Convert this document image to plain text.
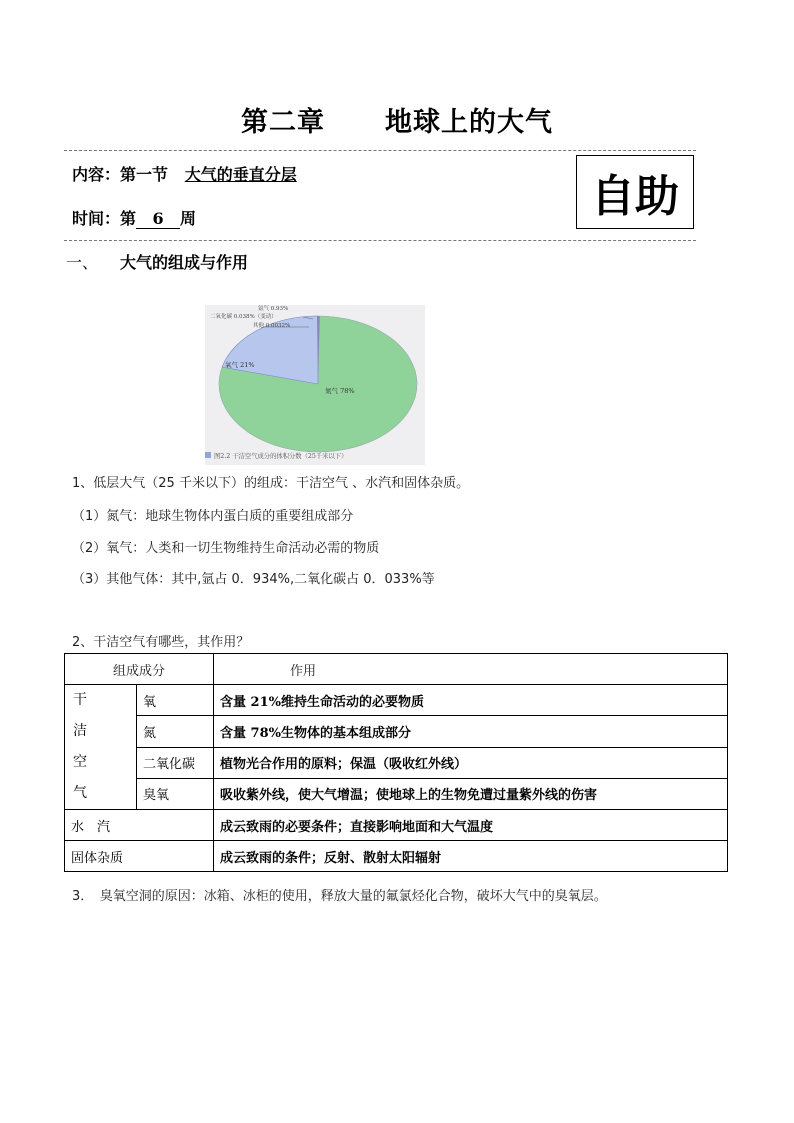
第二章 地球上的大气
内容：第一节 大气的垂直分层
时间：第 6 周	自助
一、 大气的组成与作用
氩气 0.93%
二氧化碳 0.038%（变动）
其他 0.0032%
氧气 21%
氮气 78%
图2.2 干洁空气成分的体积分数（25千米以下）
1、低层大气（25 千米以下）的组成：干洁空气 、水汽和固体杂质。
（1）氮气：地球生物体内蛋白质的重要组成部分
（2）氧气：人类和一切生物维持生命活动必需的物质
（3）其他气体：其中,氩占 0．934%,二氧化碳占 0．033%等
2、干洁空气有哪些，其作用？
组成成分		作用

干
洁
空
气	氧	含量 21%维持生命活动的必要物质
	氮	含量 78%生物体的基本组成部分
	二氧化碳	植物光合作用的原料；保温（吸收红外线）
	臭氧	吸收紫外线，使大气增温；使地球上的生物免遭过量紫外线的伤害
水　汽		成云致雨的必要条件；直接影响地面和大气温度
固体杂质		成云致雨的条件；反射、散射太阳辐射
3．　臭氧空洞的原因：冰箱、冰柜的使用，释放大量的氟氯烃化合物，破坏大气中的臭氧层。
